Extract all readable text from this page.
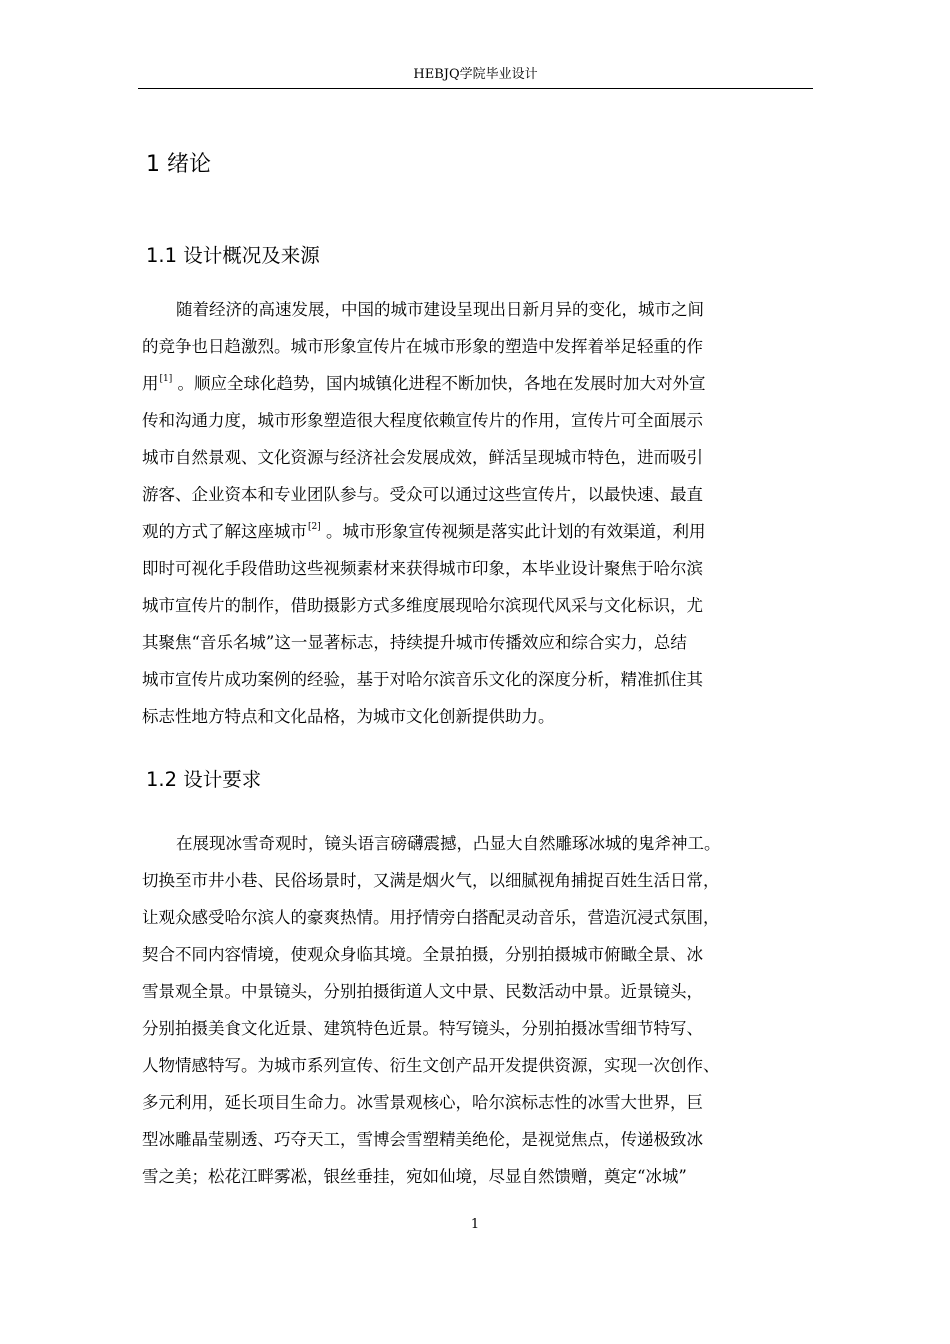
HEBJQ学院毕业设计
1 绪论
1.1 设计概况及来源
随着经济的高速发展，中国的城市建设呈现出日新月异的变化，城市之间
的竞争也日趋激烈。城市形象宣传片在城市形象的塑造中发挥着举足轻重的作
用[1] 。顺应全球化趋势，国内城镇化进程不断加快，各地在发展时加大对外宣
传和沟通力度，城市形象塑造很大程度依赖宣传片的作用，宣传片可全面展示
城市自然景观、文化资源与经济社会发展成效，鲜活呈现城市特色，进而吸引
游客、企业资本和专业团队参与。受众可以通过这些宣传片，以最快速、最直
观的方式了解这座城市[2] 。城市形象宣传视频是落实此计划的有效渠道，利用
即时可视化手段借助这些视频素材来获得城市印象，本毕业设计聚焦于哈尔滨
城市宣传片的制作，借助摄影方式多维度展现哈尔滨现代风采与文化标识，尤
其聚焦“音乐名城”这一显著标志，持续提升城市传播效应和综合实力，总结
城市宣传片成功案例的经验，基于对哈尔滨音乐文化的深度分析，精准抓住其
标志性地方特点和文化品格，为城市文化创新提供助力。
1.2 设计要求
在展现冰雪奇观时，镜头语言磅礴震撼，凸显大自然雕琢冰城的鬼斧神工。
切换至市井小巷、民俗场景时，又满是烟火气，以细腻视角捕捉百姓生活日常，
让观众感受哈尔滨人的豪爽热情。用抒情旁白搭配灵动音乐，营造沉浸式氛围，
契合不同内容情境，使观众身临其境。全景拍摄，分别拍摄城市俯瞰全景、冰
雪景观全景。中景镜头，分别拍摄街道人文中景、民数活动中景。近景镜头，
分别拍摄美食文化近景、建筑特色近景。特写镜头，分别拍摄冰雪细节特写、
人物情感特写。为城市系列宣传、衍生文创产品开发提供资源，实现一次创作、
多元利用，延长项目生命力。冰雪景观核心，哈尔滨标志性的冰雪大世界，巨
型冰雕晶莹剔透、巧夺天工，雪博会雪塑精美绝伦，是视觉焦点，传递极致冰
雪之美；松花江畔雾凇，银丝垂挂，宛如仙境，尽显自然馈赠，奠定“冰城”
1
